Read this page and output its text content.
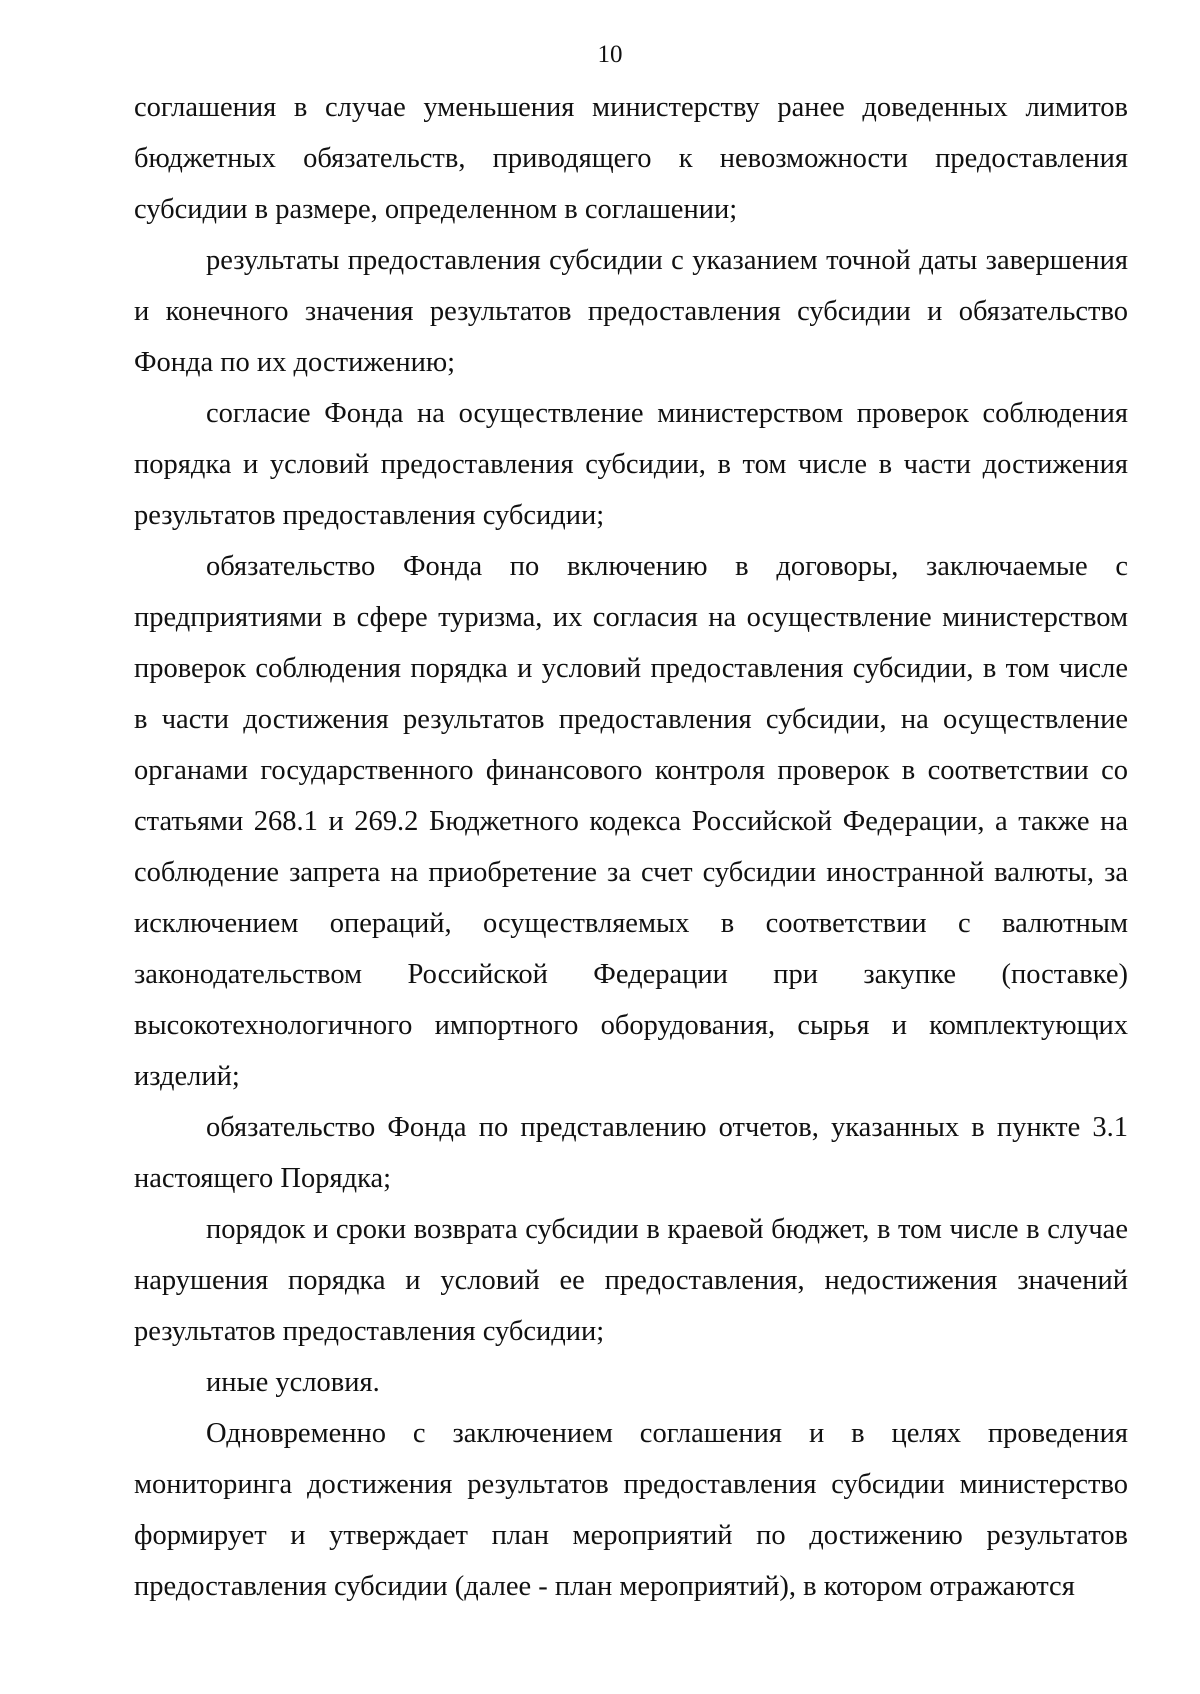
10

соглашения в случае уменьшения министерству ранее доведенных лимитов бюджетных обязательств, приводящего к невозможности предоставления субсидии в размере, определенном в соглашении;

результаты предоставления субсидии с указанием точной даты завершения и конечного значения результатов предоставления субсидии и обязательство Фонда по их достижению;

согласие Фонда на осуществление министерством проверок соблюдения порядка и условий предоставления субсидии, в том числе в части достижения результатов предоставления субсидии;

обязательство Фонда по включению в договоры, заключаемые с предприятиями в сфере туризма, их согласия на осуществление министерством проверок соблюдения порядка и условий предоставления субсидии, в том числе в части достижения результатов предоставления субсидии, на осуществление органами государственного финансового контроля проверок в соответствии со статьями 268.1 и 269.2 Бюджетного кодекса Российской Федерации, а также на соблюдение запрета на приобретение за счет субсидии иностранной валюты, за исключением операций, осуществляемых в соответствии с валютным законодательством Российской Федерации при закупке (поставке) высокотехнологичного импортного оборудования, сырья и комплектующих изделий;

обязательство Фонда по представлению отчетов, указанных в пункте 3.1 настоящего Порядка;

порядок и сроки возврата субсидии в краевой бюджет, в том числе в случае нарушения порядка и условий ее предоставления, недостижения значений результатов предоставления субсидии;

иные условия.

Одновременно с заключением соглашения и в целях проведения мониторинга достижения результатов предоставления субсидии министерство формирует и утверждает план мероприятий по достижению результатов предоставления субсидии (далее - план мероприятий), в котором отражаются
